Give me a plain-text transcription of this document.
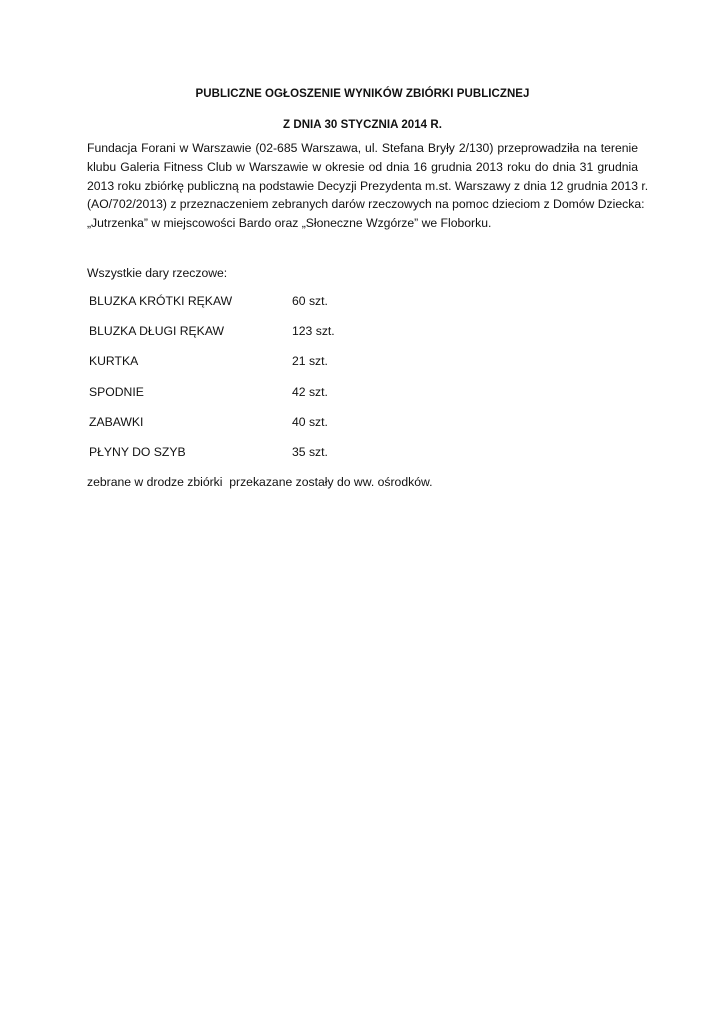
PUBLICZNE OGŁOSZENIE WYNIKÓW ZBIÓRKI PUBLICZNEJ
Z DNIA 30 STYCZNIA 2014 R.
Fundacja Forani w Warszawie (02-685 Warszawa, ul. Stefana Bryły 2/130) przeprowadziła na terenie
klubu Galeria Fitness Club w Warszawie w okresie od dnia 16 grudnia 2013 roku do dnia 31 grudnia
2013 roku zbiórkę publiczną na podstawie Decyzji Prezydenta m.st. Warszawy z dnia 12 grudnia 2013 r.
(AO/702/2013) z przeznaczeniem zebranych darów rzeczowych na pomoc dzieciom z Domów Dziecka:
„Jutrzenka” w miejscowości Bardo oraz „Słoneczne Wzgórze” we Floborku.
Wszystkie dary rzeczowe:
BLUZKA KRÓTKI RĘKAW	60 szt.
BLUZKA DŁUGI RĘKAW	123 szt.
KURTKA	21 szt.
SPODNIE	42 szt.
ZABAWKI	40 szt.
PŁYNY DO SZYB	35 szt.
zebrane w drodze zbiórki  przekazane zostały do ww. ośrodków.
